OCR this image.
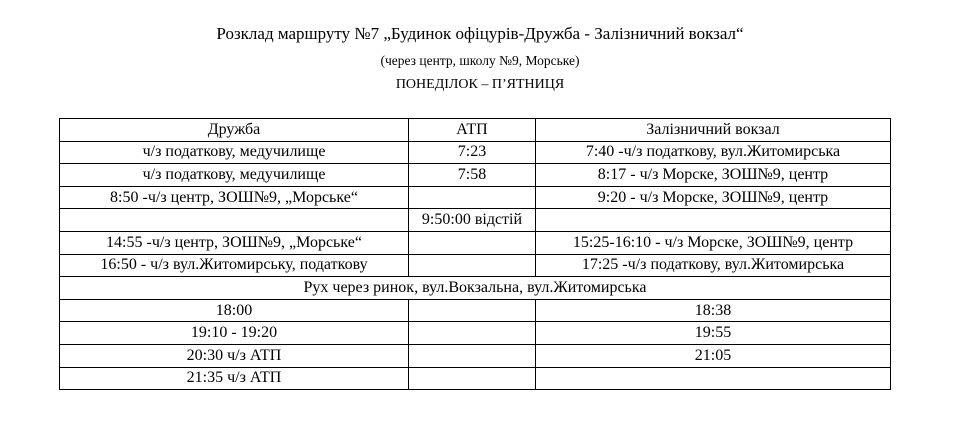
Розклад маршруту №7 „Будинок офіцурів-Дружба - Залізничний вокзал“
(через центр, школу №9, Морське)
ПОНЕДІЛОК – П’ЯТНИЦЯ
Дружба	АТП	Залізничний вокзал
ч/з податкову, медучилище	7:23	7:40 -ч/з податкову, вул.Житомирська
ч/з податкову, медучилище	7:58	8:17 - ч/з Морске, ЗОШ№9, центр
8:50 -ч/з центр, ЗОШ№9, „Морське“		9:20 - ч/з Морске, ЗОШ№9, центр
	9:50:00 відстій	
14:55 -ч/з центр, ЗОШ№9, „Морське“		15:25-16:10 - ч/з Морске, ЗОШ№9, центр
16:50 - ч/з вул.Житомирську, податкову		17:25 -ч/з податкову, вул.Житомирська
Рух через ринок, вул.Вокзальна, вул.Житомирська		
18:00		18:38
19:10 - 19:20		19:55
20:30 ч/з АТП		21:05
21:35 ч/з АТП		
